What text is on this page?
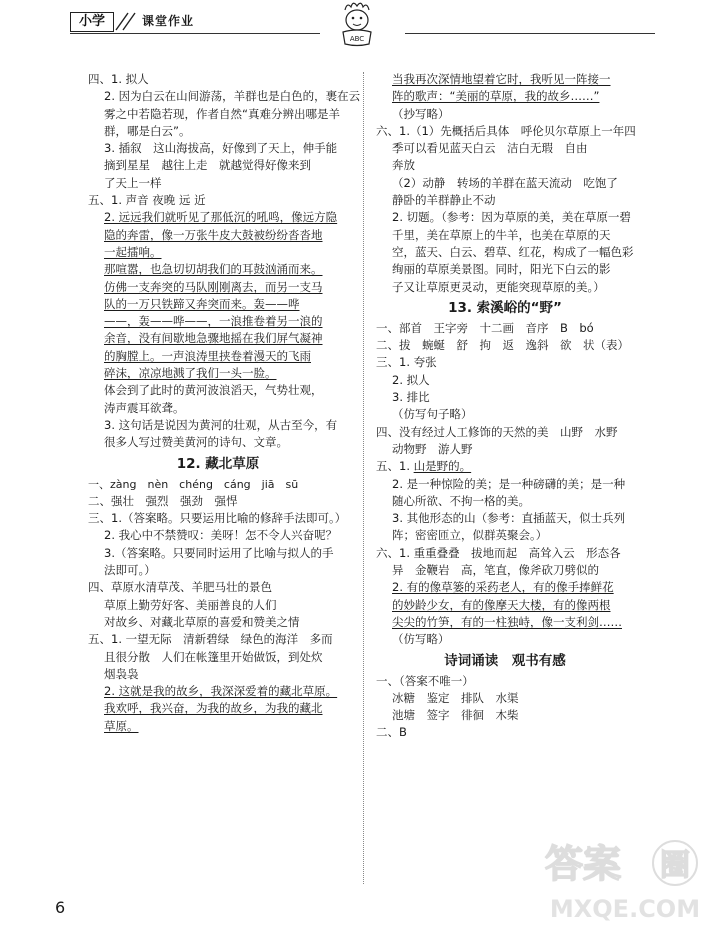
小学	课堂作业
ABC
四、1. 拟人
2. 因为白云在山间游荡，羊群也是白色的，裹在云
雾之中若隐若现，作者自然“真难分辨出哪是羊
群，哪是白云”。
3. 插叙　这山海拔高，好像到了天上，伸手能
摘到星星　越往上走　就越觉得好像来到
了天上一样
五、1. 声音 夜晚 远 近
2. 远远我们就听见了那低沉的吼鸣，像远方隐
隐的奔雷，像一万张牛皮大鼓被纷纷沓沓地
一起擂响。
那喧嚣，也急切切胡我们的耳鼓汹涌而来。
仿佛一支奔突的马队刚刚离去，而另一支马
队的一万只铁蹄又奔突而来。轰——哗
——，轰——哗——，一浪推卷着另一浪的
余音，没有间歇地急骤地摇在我们屏气凝神
的胸膛上。一声浪涛里挟卷着漫天的飞雨
碎沫，凉凉地溅了我们一头一脸。
体会到了此时的黄河波浪滔天，气势壮观，
涛声震耳欲聋。
3. 这句话是说因为黄河的壮观，从古至今，有
很多人写过赞美黄河的诗句、文章。
12. 藏北草原
一、zàng　nèn　chéng　cáng　jiā　sū
二、强壮　强烈　强劲　强悍
三、1.（答案略。只要运用比喻的修辞手法即可。）
2. 我心中不禁赞叹：美呀！怎不令人兴奋呢？
3.（答案略。只要同时运用了比喻与拟人的手
法即可。）
四、草原水清草茂、羊肥马壮的景色
草原上勤劳好客、美丽善良的人们
对故乡、对藏北草原的喜爱和赞美之情
五、1. 一望无际　清新碧绿　绿色的海洋　多而
且很分散　人们在帐篷里开始做饭，到处炊
烟袅袅
2. 这就是我的故乡，我深深爱着的藏北草原。
我欢呼，我兴奋，为我的故乡，为我的藏北
草原。
当我再次深情地望着它时，我听见一阵接一
阵的歌声：“美丽的草原，我的故乡……”
（抄写略）
六、1.（1）先概括后具体　呼伦贝尔草原上一年四
季可以看见蓝天白云　洁白无瑕　自由
奔放
（2）动静　转场的羊群在蓝天流动　吃饱了
静卧的羊群静止不动
2. 切题。（参考：因为草原的美，美在草原一碧
千里，美在草原上的牛羊，也美在草原的天
空，蓝天、白云、碧草、红花，构成了一幅色彩
绚丽的草原美景图。同时，阳光下白云的影
子又让草原更灵动，更能突现草原的美。）
13. 索溪峪的“野”
一、部首　王字旁　十二画　音序　B　bó
二、拔　蜿蜒　舒　拘　返　逸斜　欲　状（表）
三、1. 夸张
2. 拟人
3. 排比
（仿写句子略）
四、没有经过人工修饰的天然的美　山野　水野
动物野　游人野
五、1. 山是野的。
2. 是一种惊险的美；是一种磅礴的美；是一种
随心所欲、不拘一格的美。
3. 其他形态的山（参考：直插蓝天，似士兵列
阵；密密匝立，似群英聚会。）
六、1. 重重叠叠　拔地而起　高耸入云　形态各
异　金鞭岩　高，笔直，像斧砍刀劈似的
2. 有的像草篓的采药老人，有的像手捧鲜花
的妙龄少女，有的像摩天大楼，有的像两根
尖尖的竹笋，有的一柱独峙，像一支利剑……
（仿写略）
诗词诵读　观书有感
一、（答案不唯一）
冰糖　鉴定　排队　水渠
池塘　签字　徘徊　木柴
二、B
6
答案 圈
MXQE.COM
